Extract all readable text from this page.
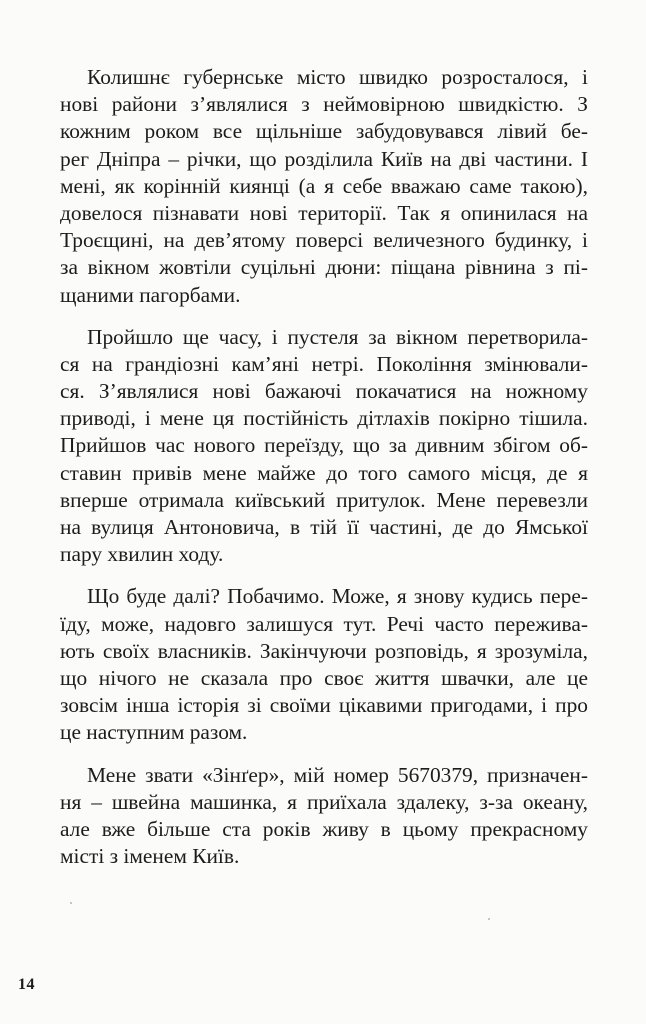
Колишнє губернське місто швидко розросталося, і
нові райони з’являлися з неймовірною швидкістю. З
кожним роком все щільніше забудовувався лівий бе-
рег Дніпра – річки, що розділила Київ на дві частини. І
мені, як корінній киянці (а я себе вважаю саме такою),
довелося пізнавати нові території. Так я опинилася на
Троєщині, на дев’ятому поверсі величезного будинку, і
за вікном жовтіли суцільні дюни: піщана рівнина з пі-
щаними пагорбами.
Пройшло ще часу, і пустеля за вікном перетворила-
ся на грандіозні кам’яні нетрі. Покоління змінювали-
ся. З’являлися нові бажаючі покачатися на ножному
приводі, і мене ця постійність дітлахів покірно тішила.
Прийшов час нового переїзду, що за дивним збігом об-
ставин привів мене майже до того самого місця, де я
вперше отримала київський притулок. Мене перевезли
на вулиця Антоновича, в тій її частині, де до Ямської
пару хвилин ходу.
Що буде далі? Побачимо. Може, я знову кудись пере-
їду, може, надовго залишуся тут. Речі часто пережива-
ють своїх власників. Закінчуючи розповідь, я зрозуміла,
що нічого не сказала про своє життя швачки, але це
зовсім інша історія зі своїми цікавими пригодами, і про
це наступним разом.
Мене звати «Зінґер», мій номер 5670379, призначен-
ня – швейна машинка, я приїхала здалеку, з-за океану,
але вже більше ста років живу в цьому прекрасному
місті з іменем Київ.
14
